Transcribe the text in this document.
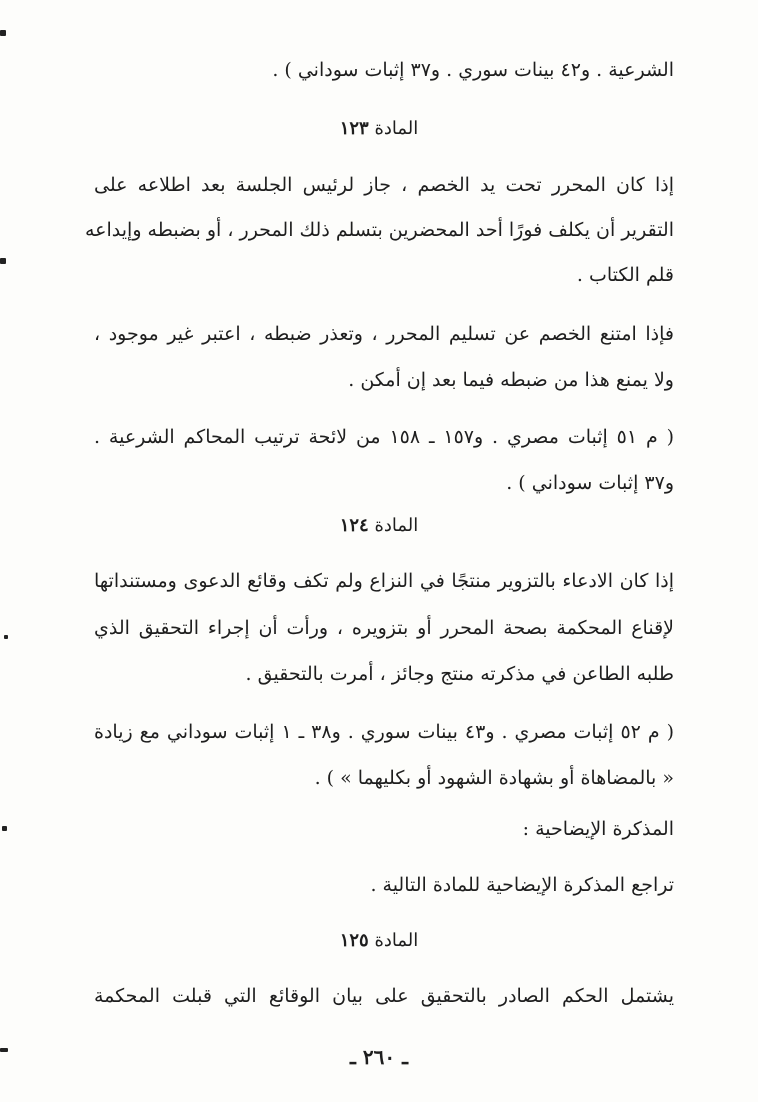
الشرعية . و٤٢ بينات سوري . و٣٧ إثبات سوداني ) .
المادة ١٢٣
إذا كان المحرر تحت يد الخصم ، جاز لرئيس الجلسة بعد اطلاعه على
التقرير أن يكلف فورًا أحد المحضرين بتسلم ذلك المحرر ، أو بضبطه وإيداعه
قلم الكتاب .
فإذا امتنع الخصم عن تسليم المحرر ، وتعذر ضبطه ، اعتبر غير موجود ،
ولا يمنع هذا من ضبطه فيما بعد إن أمكن .
( م ٥١ إثبات مصري . و١٥٧ ـ ١٥٨ من لائحة ترتيب المحاكم الشرعية .
و٣٧ إثبات سوداني ) .
المادة ١٢٤
إذا كان الادعاء بالتزوير منتجًا في النزاع ولم تكف وقائع الدعوى ومستنداتها
لإقناع المحكمة بصحة المحرر أو بتزويره ، ورأت أن إجراء التحقيق الذي
طلبه الطاعن في مذكرته منتج وجائز ، أمرت بالتحقيق .
( م ٥٢ إثبات مصري . و٤٣ بينات سوري . و٣٨ ـ ١ إثبات سوداني مع زيادة
« بالمضاهاة أو بشهادة الشهود أو بكليهما » ) .
المذكرة الإيضاحية :
تراجع المذكرة الإيضاحية للمادة التالية .
المادة ١٢٥
يشتمل الحكم الصادر بالتحقيق على بيان الوقائع التي قبلت المحكمة
ـ ٢٦٠ ـ
